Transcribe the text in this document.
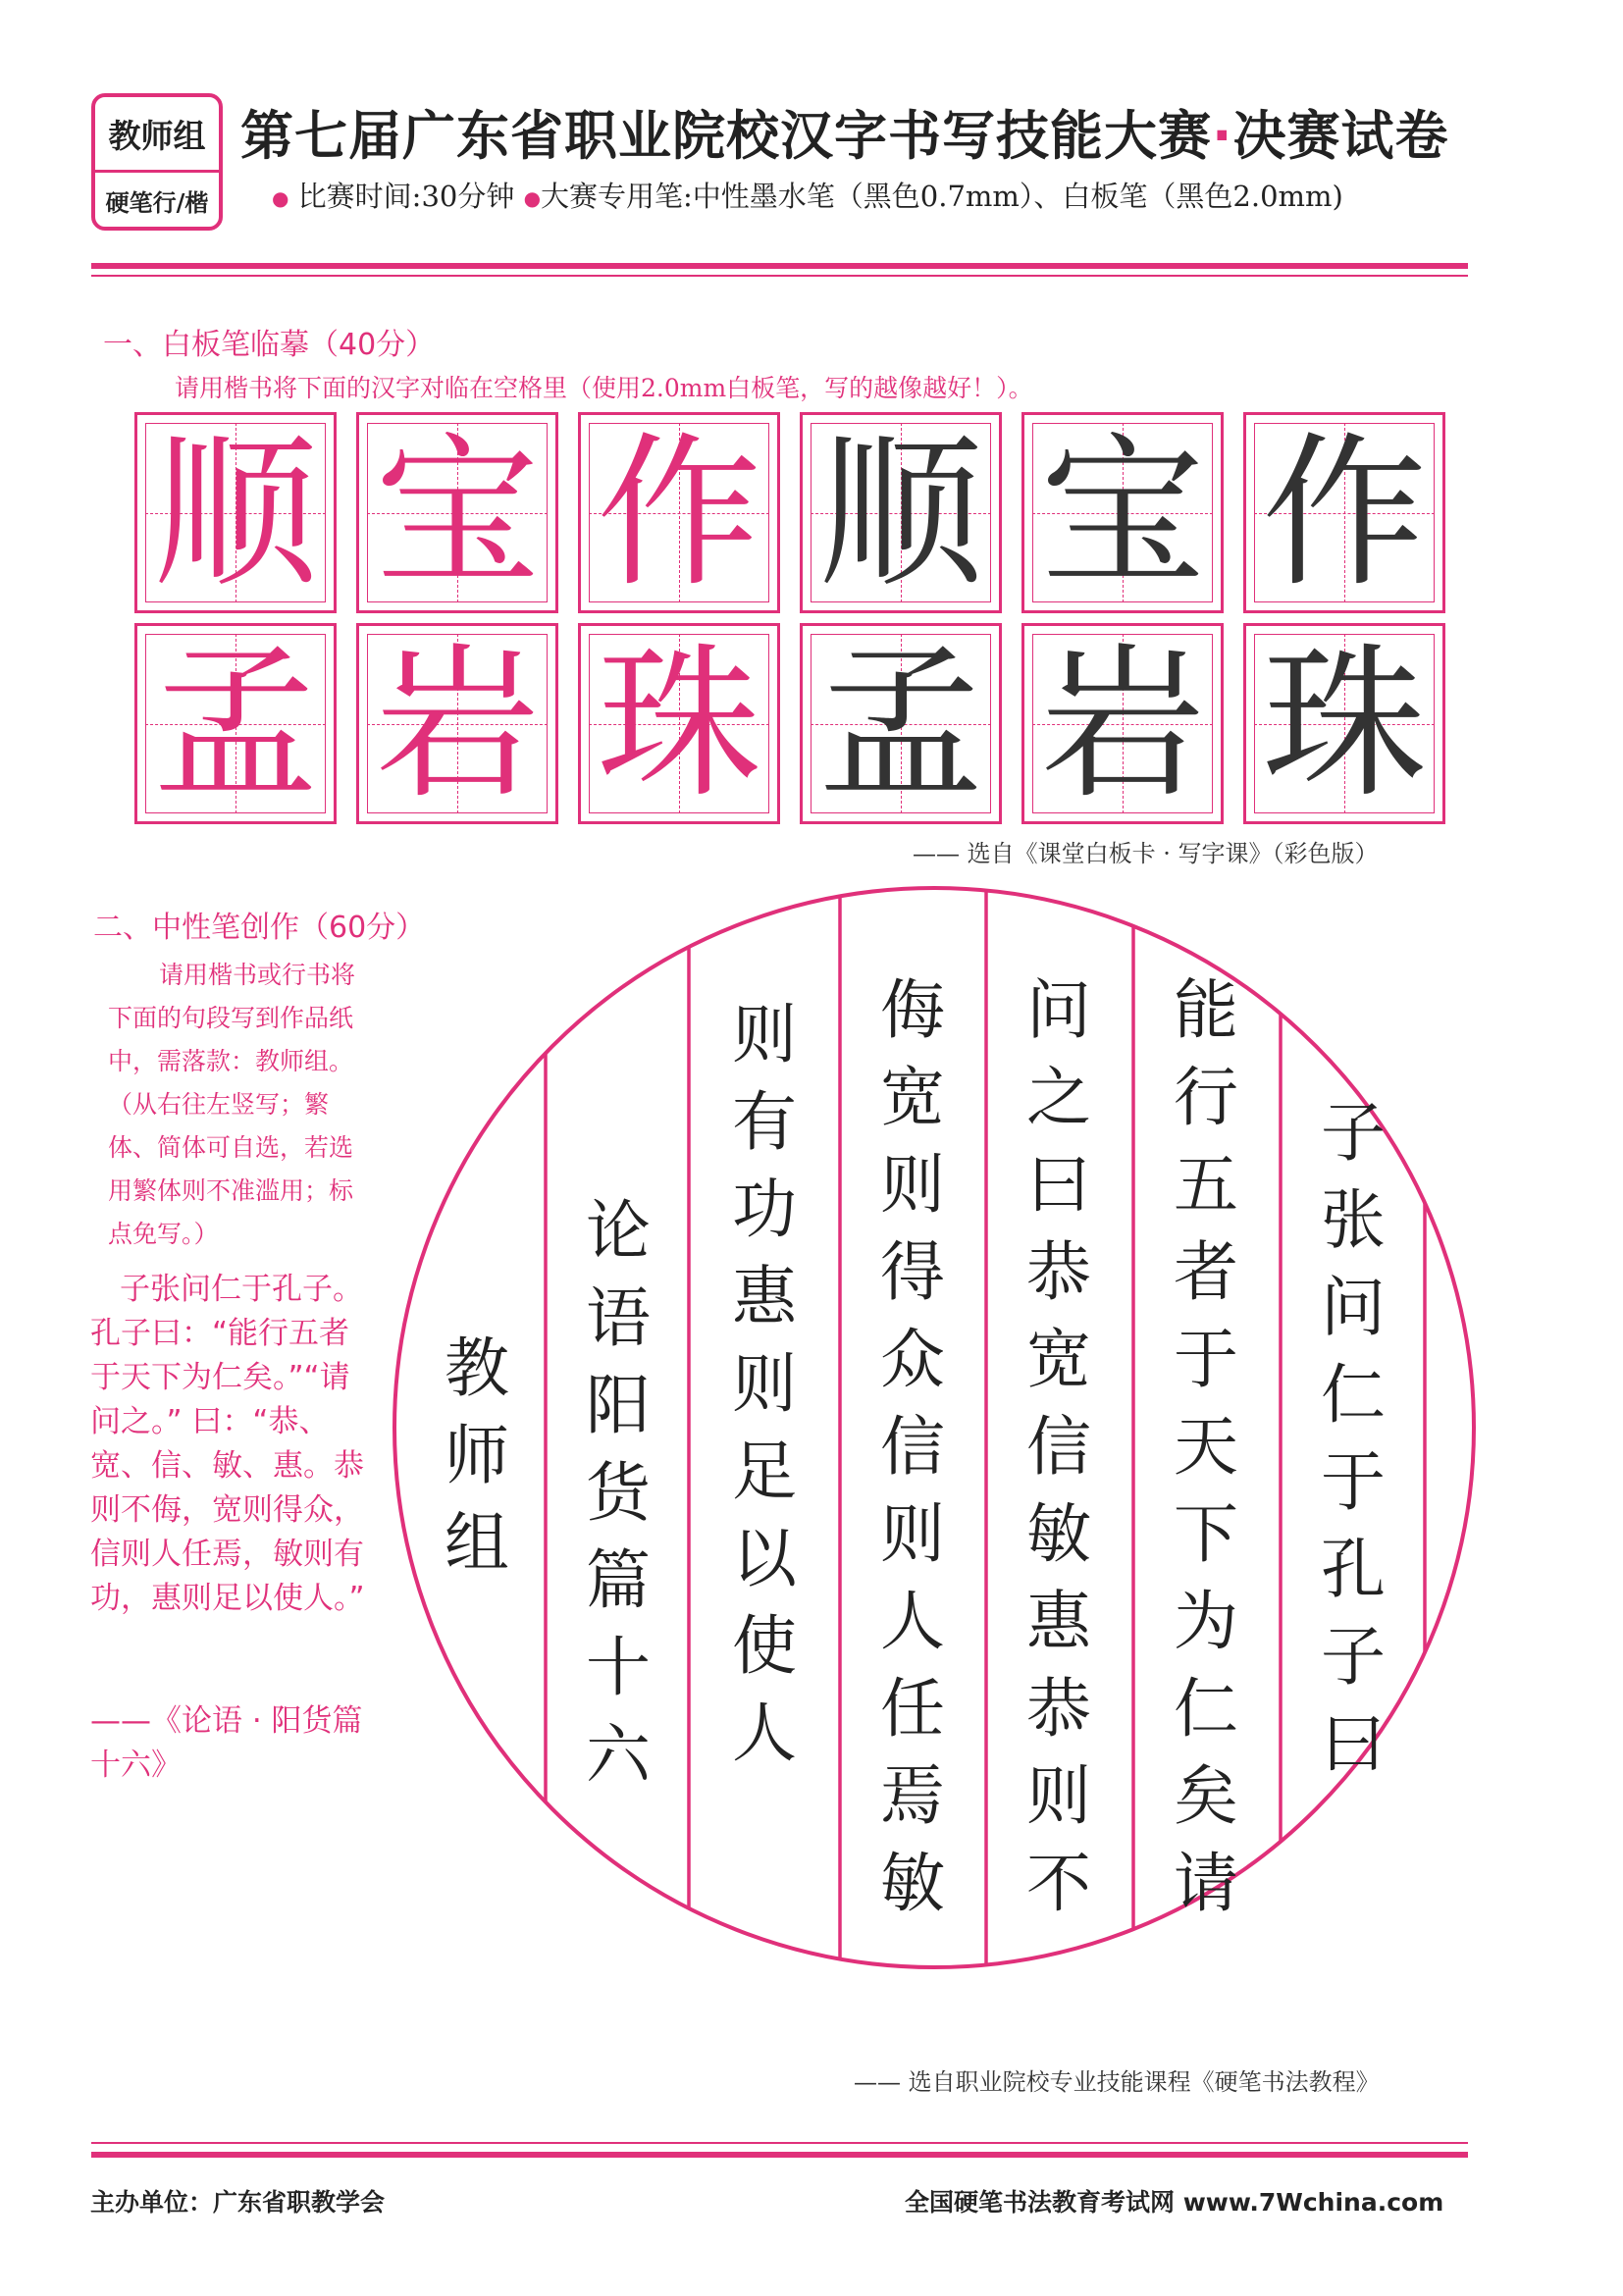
教师组
硬笔行/楷
第七届广东省职业院校汉字书写技能大赛·决赛试卷
● 比赛时间:30分钟 ●大赛专用笔:中性墨水笔（黑色0.7mm）、白板笔（黑色2.0mm)
一、白板笔临摹（40分）
请用楷书将下面的汉字对临在空格里（使用2.0mm白板笔，写的越像越好！）。
顺 宝 作 顺 宝 作
孟 岩 珠 孟 岩 珠
—— 选自《课堂白板卡 · 写字课》（彩色版）
二、中性笔创作（60分）
请用楷书或行书将下面的句段写到作品纸中，需落款：教师组。（从右往左竖写；繁体、简体可自选，若选用繁体则不准滥用；标点免写。）

子张问仁于孔子。孔子曰：“能行五者于天下为仁矣。”“请问之。” 曰：“恭、宽、信、敏、惠。恭则不侮，宽则得众，信则人任焉，敏则有功，惠则足以使人。”

——《论语 · 阳货篇十六》
子张问仁于孔子曰
能行五者于天下为仁矣请
问之曰恭宽信敏惠恭则不
侮宽则得众信则人任焉敏
则有功惠则足以使人
论语阳货篇十六
教师组
—— 选自职业院校专业技能课程《硬笔书法教程》
主办单位：广东省职教学会	全国硬笔书法教育考试网 www.7Wchina.com
